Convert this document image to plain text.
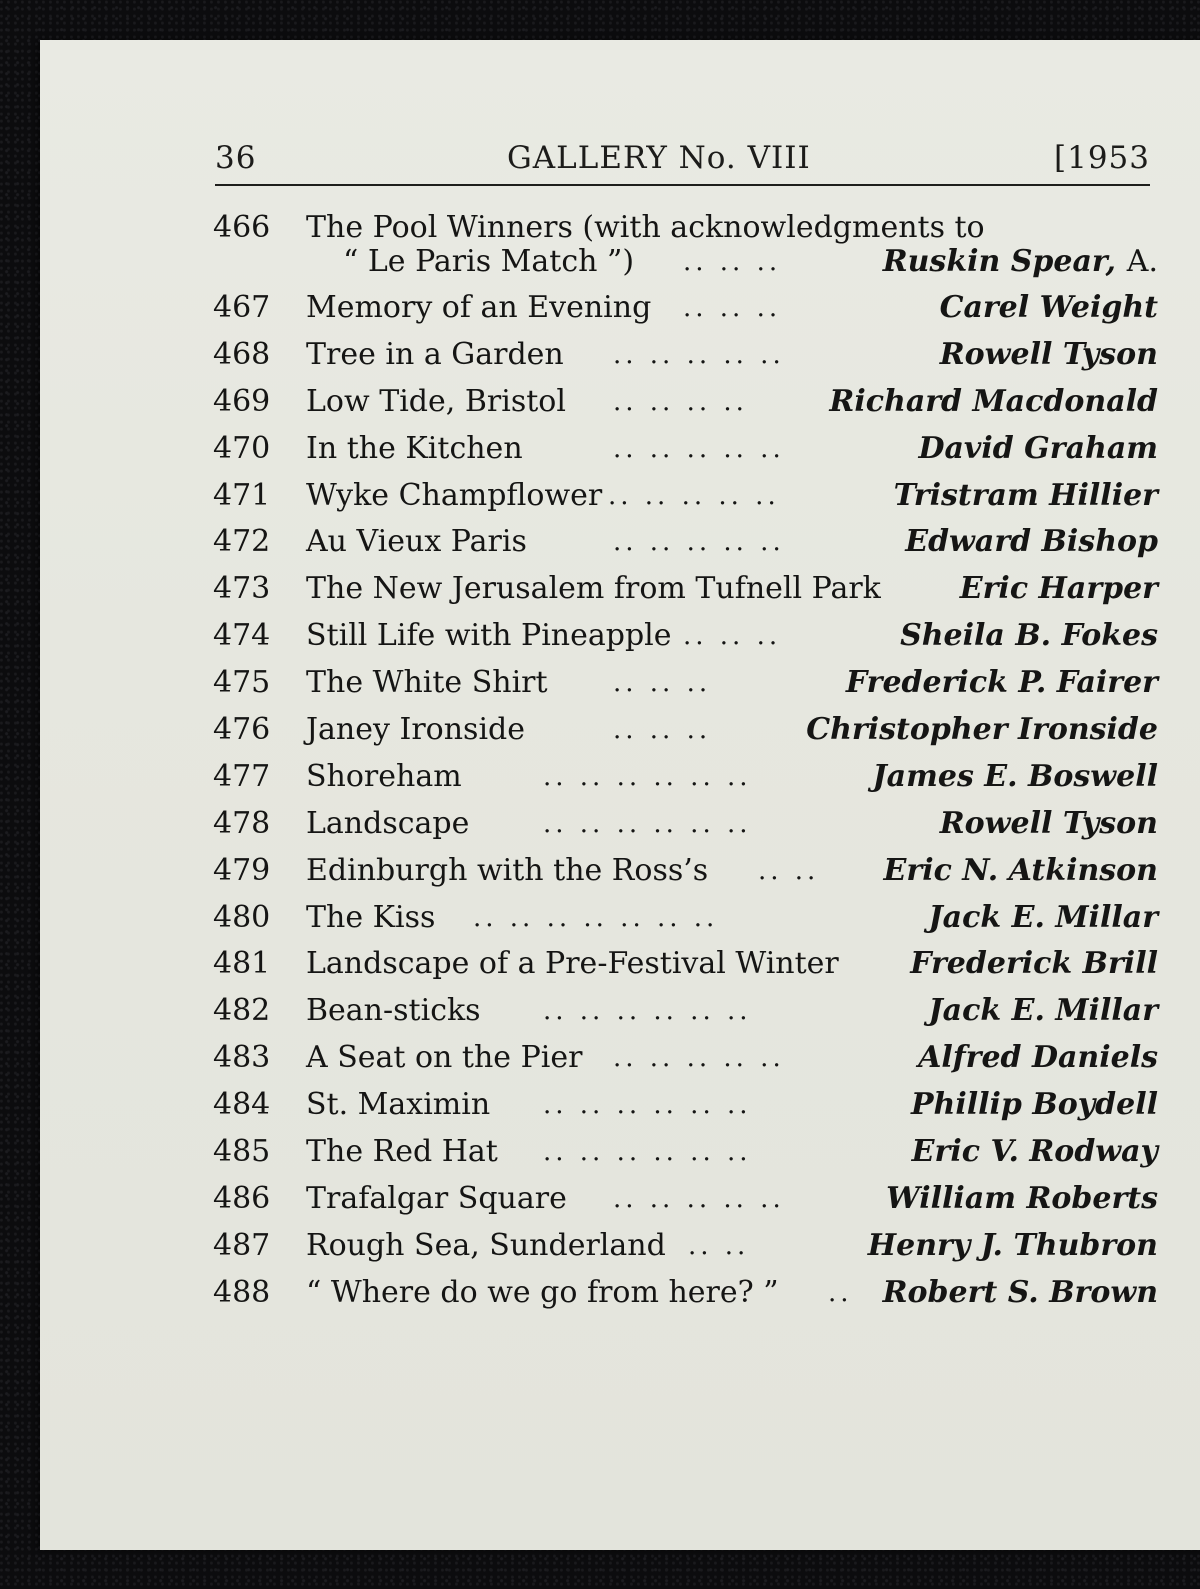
36	GALLERY No. VIII	[1953
466 The Pool Winners (with acknowledgments to
“ Le Paris Match ”) .. .. ..	Ruskin Spear, A.
467 Memory of an Evening .. .. ..	Carel Weight
468 Tree in a Garden .. .. .. .. ..	Rowell Tyson
469 Low Tide, Bristol .. .. .. ..	Richard Macdonald
470 In the Kitchen	.. .. .. .. ..	David Graham
471 Wyke Champflower .. .. .. .. ..	Tristram Hillier
472 Au Vieux Paris	.. .. .. .. ..	Edward Bishop
473 The New Jerusalem from Tufnell Park	Eric Harper
474 Still Life with Pineapple .. .. ..	Sheila B. Fokes
475 The White Shirt	.. .. ..	Frederick P. Fairer
476 Janey Ironside	.. .. ..	Christopher Ironside
477 Shoreham	.. .. .. .. .. ..	James E. Boswell
478 Landscape	.. .. .. .. .. ..	Rowell Tyson
479 Edinburgh with the Ross’s .. .. Eric N. Atkinson
480 The Kiss .. .. .. .. .. .. ..	Jack E. Millar
481 Landscape of a Pre-Festival Winter Frederick Brill
482 Bean-sticks .. .. .. .. .. ..	Jack E. Millar
483 A Seat on the Pier .. .. .. .. ..	Alfred Daniels
484 St. Maximin .. .. .. .. .. ..	Phillip Boydell
485 The Red Hat .. .. .. .. .. ..	Eric V. Rodway
486 Trafalgar Square .. .. .. .. ..	William Roberts
487 Rough Sea, Sunderland .. ..	Henry J. Thubron
488 “ Where do we go from here? ” .. Robert S. Brown
